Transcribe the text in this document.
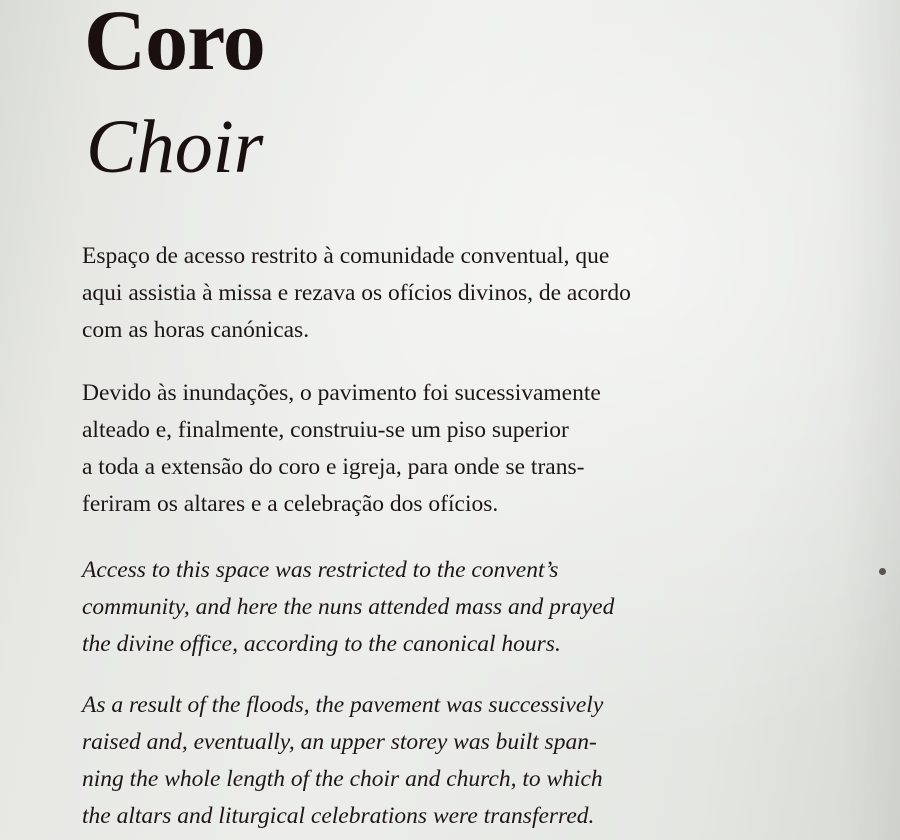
Coro
Choir

Espaço de acesso restrito à comunidade conventual, que
aqui assistia à missa e rezava os ofícios divinos, de acordo
com as horas canónicas.

Devido às inundações, o pavimento foi sucessivamente
alteado e, finalmente, construiu-se um piso superior
a toda a extensão do coro e igreja, para onde se trans-
feriram os altares e a celebração dos ofícios.

Access to this space was restricted to the convent’s
community, and here the nuns attended mass and prayed
the divine office, according to the canonical hours.

As a result of the floods, the pavement was successively
raised and, eventually, an upper storey was built span-
ning the whole length of the choir and church, to which
the altars and liturgical celebrations were transferred.
